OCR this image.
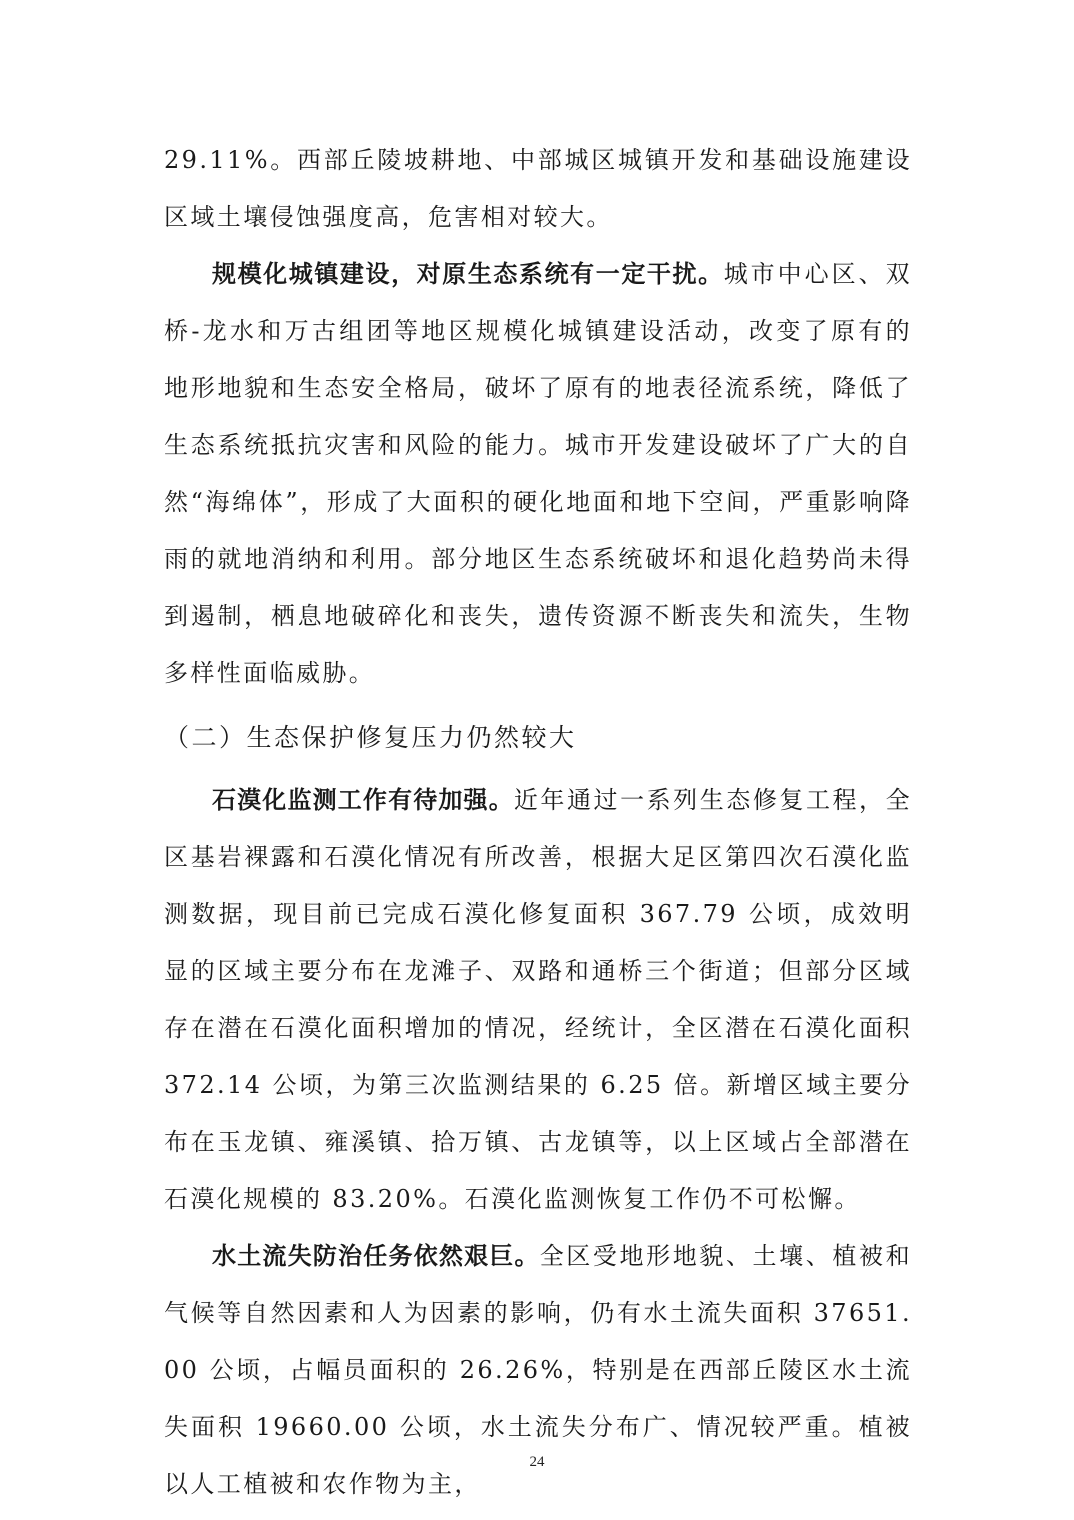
29.11%。西部丘陵坡耕地、中部城区城镇开发和基础设施建设区域土壤侵蚀强度高，危害相对较大。

规模化城镇建设，对原生态系统有一定干扰。城市中心区、双桥-龙水和万古组团等地区规模化城镇建设活动，改变了原有的地形地貌和生态安全格局，破坏了原有的地表径流系统，降低了生态系统抵抗灾害和风险的能力。城市开发建设破坏了广大的自然“海绵体”，形成了大面积的硬化地面和地下空间，严重影响降雨的就地消纳和利用。部分地区生态系统破坏和退化趋势尚未得到遏制，栖息地破碎化和丧失，遗传资源不断丧失和流失，生物多样性面临威胁。

（二）生态保护修复压力仍然较大

石漠化监测工作有待加强。近年通过一系列生态修复工程，全区基岩裸露和石漠化情况有所改善，根据大足区第四次石漠化监测数据，现目前已完成石漠化修复面积 367.79 公顷，成效明显的区域主要分布在龙滩子、双路和通桥三个街道；但部分区域存在潜在石漠化面积增加的情况，经统计，全区潜在石漠化面积 372.14 公顷，为第三次监测结果的 6.25 倍。新增区域主要分布在玉龙镇、雍溪镇、拾万镇、古龙镇等，以上区域占全部潜在石漠化规模的 83.20%。石漠化监测恢复工作仍不可松懈。

水土流失防治任务依然艰巨。全区受地形地貌、土壤、植被和气候等自然因素和人为因素的影响，仍有水土流失面积 37651.00 公顷，占幅员面积的 26.26%，特别是在西部丘陵区水土流失面积 19660.00 公顷，水土流失分布广、情况较严重。植被以人工植被和农作物为主，

24
